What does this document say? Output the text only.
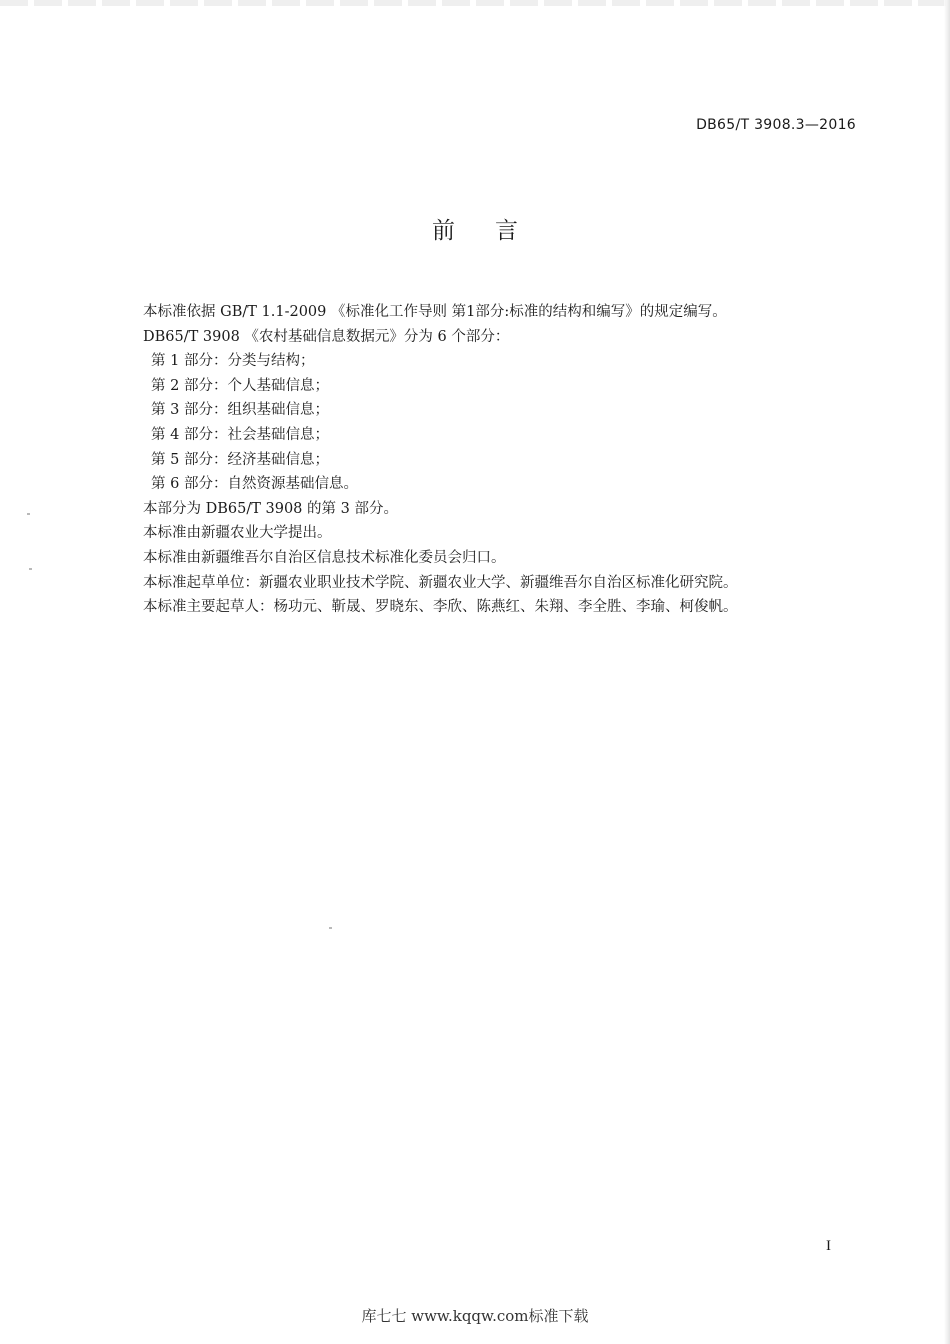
DB65/T 3908.3—2016
前言
本标准依据 GB/T 1.1-2009 《标准化工作导则 第1部分:标准的结构和编写》的规定编写。
DB65/T 3908 《农村基础信息数据元》分为 6 个部分：
第 1 部分：分类与结构；
第 2 部分：个人基础信息；
第 3 部分：组织基础信息；
第 4 部分：社会基础信息；
第 5 部分：经济基础信息；
第 6 部分：自然资源基础信息。
本部分为 DB65/T 3908 的第 3 部分。
本标准由新疆农业大学提出。
本标准由新疆维吾尔自治区信息技术标准化委员会归口。
本标准起草单位：新疆农业职业技术学院、新疆农业大学、新疆维吾尔自治区标准化研究院。
本标准主要起草人：杨功元、靳晟、罗晓东、李欣、陈燕红、朱翔、李全胜、李瑜、柯俊帆。
I
库七七 www.kqqw.com标准下载
